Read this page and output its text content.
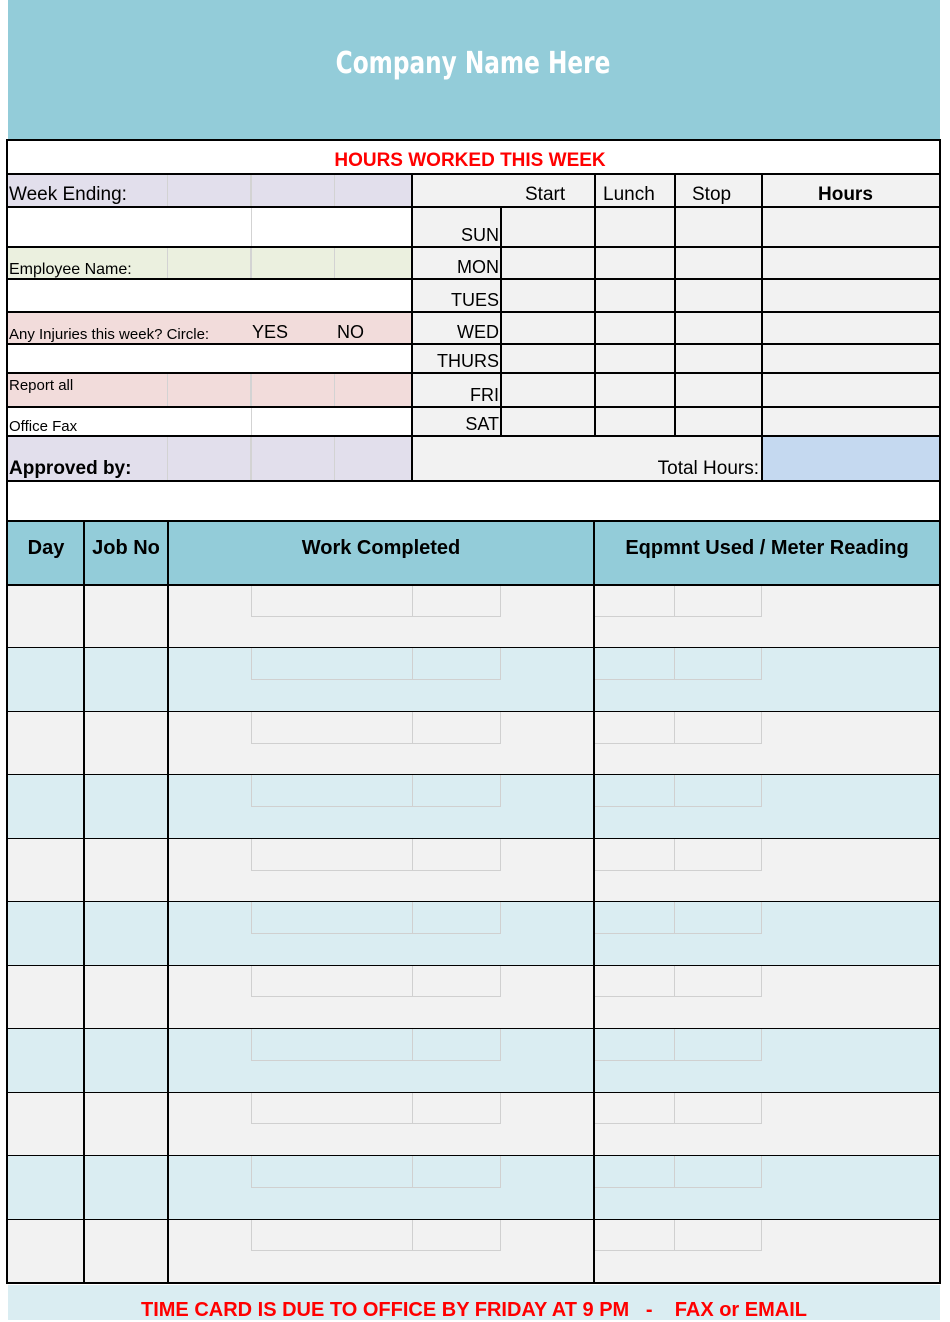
Company Name Here
HOURS WORKED THIS WEEK
Week Ending:
Employee Name:
Any Injuries this week? Circle: YES	NO
Report all
Office Fax
Approved by:
Start Lunch Stop	Hours
SUN
MON
TUES
WED
THURS
FRI
SAT
Total Hours:
Day	Job No	Work Completed	Eqpmnt Used / Meter Reading
TIME CARD IS DUE TO OFFICE BY FRIDAY AT 9 PM   -    FAX or EMAIL
